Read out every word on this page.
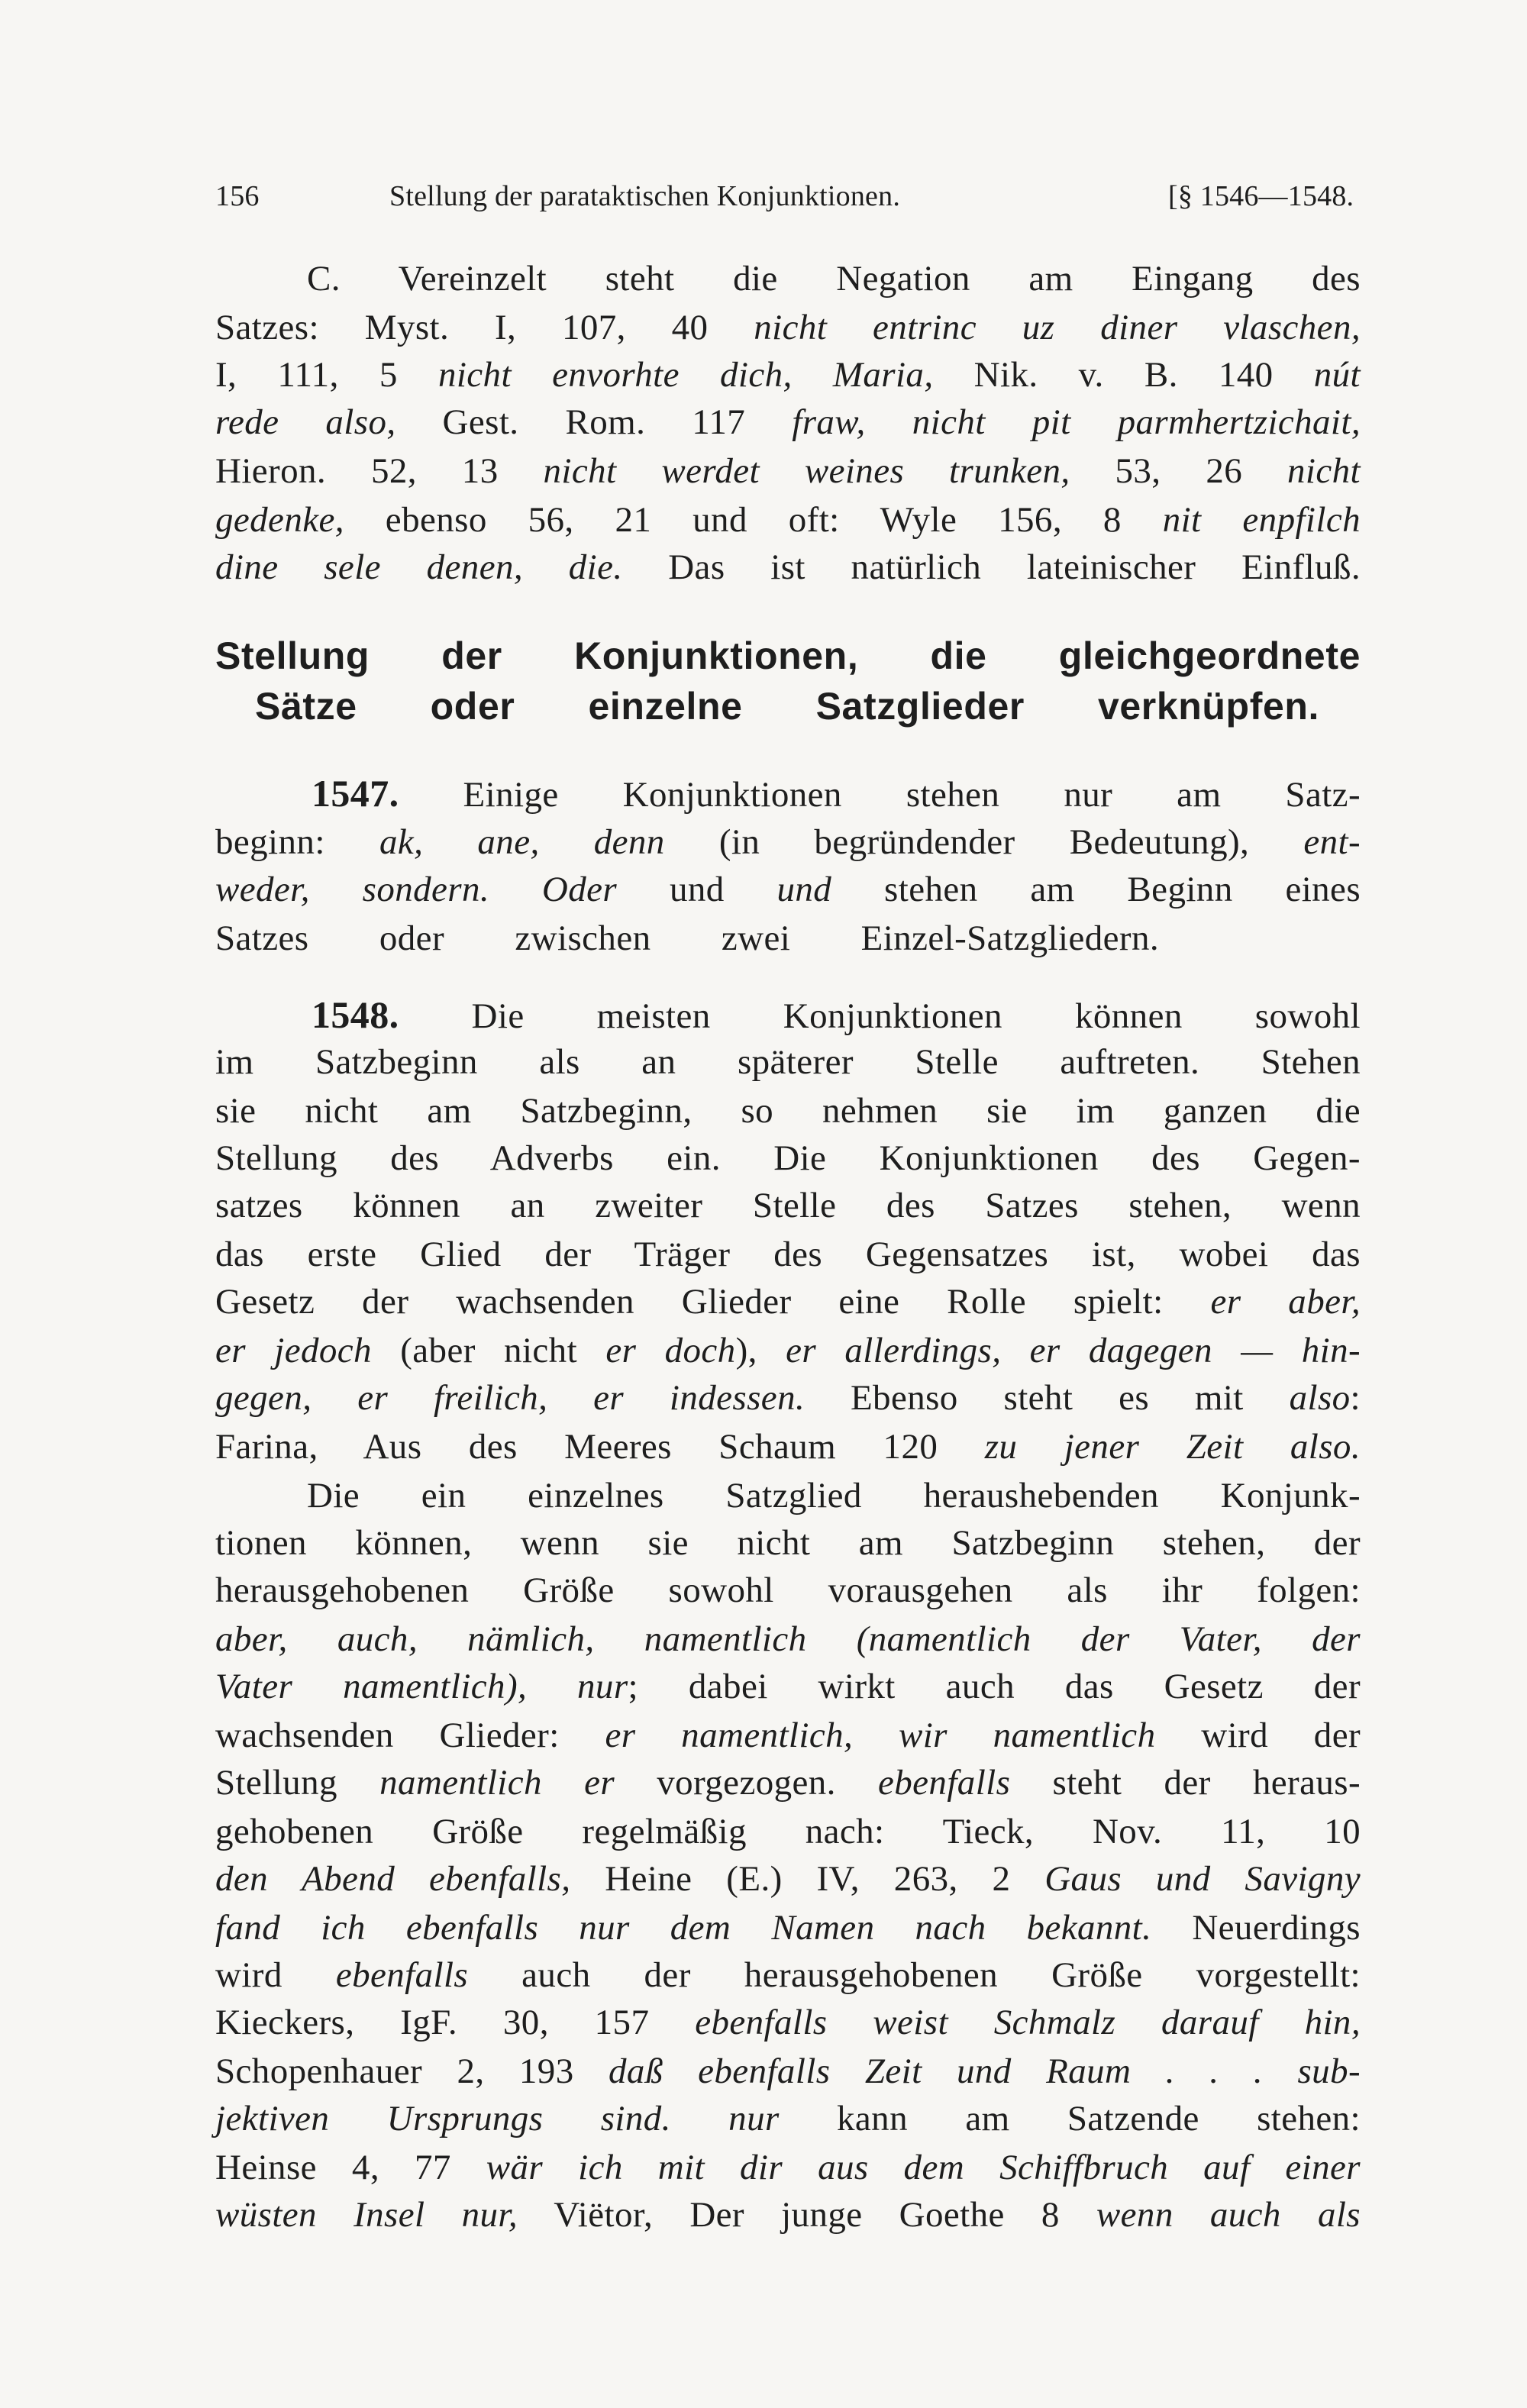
156	Stellung der parataktischen Konjunktionen.	[§ 1546—1548.
C. Vereinzelt steht die Negation am Eingang des
Satzes: Myst. I, 107, 40 nicht entrinc uz diner vlaschen,
I, 111, 5 nicht envorhte dich, Maria, Nik. v. B. 140 nút
rede also, Gest. Rom. 117 fraw, nicht pit parmhertzichait,
Hieron. 52, 13 nicht werdet weines trunken, 53, 26 nicht
gedenke, ebenso 56, 21 und oft: Wyle 156, 8 nit enpfilch
dine sele denen, die. Das ist natürlich lateinischer Einfluß.
Stellung der Konjunktionen, die gleichgeordnete
Sätze oder einzelne Satzglieder verknüpfen.
1547. Einige Konjunktionen stehen nur am Satz-
beginn: ak, ane, denn (in begründender Bedeutung), ent-
weder, sondern. Oder und und stehen am Beginn eines
Satzes oder zwischen zwei Einzel-Satzgliedern.
1548. Die meisten Konjunktionen können sowohl
im Satzbeginn als an späterer Stelle auftreten. Stehen
sie nicht am Satzbeginn, so nehmen sie im ganzen die
Stellung des Adverbs ein. Die Konjunktionen des Gegen-
satzes können an zweiter Stelle des Satzes stehen, wenn
das erste Glied der Träger des Gegensatzes ist, wobei das
Gesetz der wachsenden Glieder eine Rolle spielt: er aber,
er jedoch (aber nicht er doch), er allerdings, er dagegen — hin-
gegen, er freilich, er indessen. Ebenso steht es mit also:
Farina, Aus des Meeres Schaum 120 zu jener Zeit also.
Die ein einzelnes Satzglied heraushebenden Konjunk-
tionen können, wenn sie nicht am Satzbeginn stehen, der
herausgehobenen Größe sowohl vorausgehen als ihr folgen:
aber, auch, nämlich, namentlich (namentlich der Vater, der
Vater namentlich), nur; dabei wirkt auch das Gesetz der
wachsenden Glieder: er namentlich, wir namentlich wird der
Stellung namentlich er vorgezogen. ebenfalls steht der heraus-
gehobenen Größe regelmäßig nach: Tieck, Nov. 11, 10
den Abend ebenfalls, Heine (E.) IV, 263, 2 Gaus und Savigny
fand ich ebenfalls nur dem Namen nach bekannt. Neuerdings
wird ebenfalls auch der herausgehobenen Größe vorgestellt:
Kieckers, IgF. 30, 157 ebenfalls weist Schmalz darauf hin,
Schopenhauer 2, 193 daß ebenfalls Zeit und Raum . . . sub-
jektiven Ursprungs sind. nur kann am Satzende stehen:
Heinse 4, 77 wär ich mit dir aus dem Schiffbruch auf einer
wüsten Insel nur, Viëtor, Der junge Goethe 8 wenn auch als
